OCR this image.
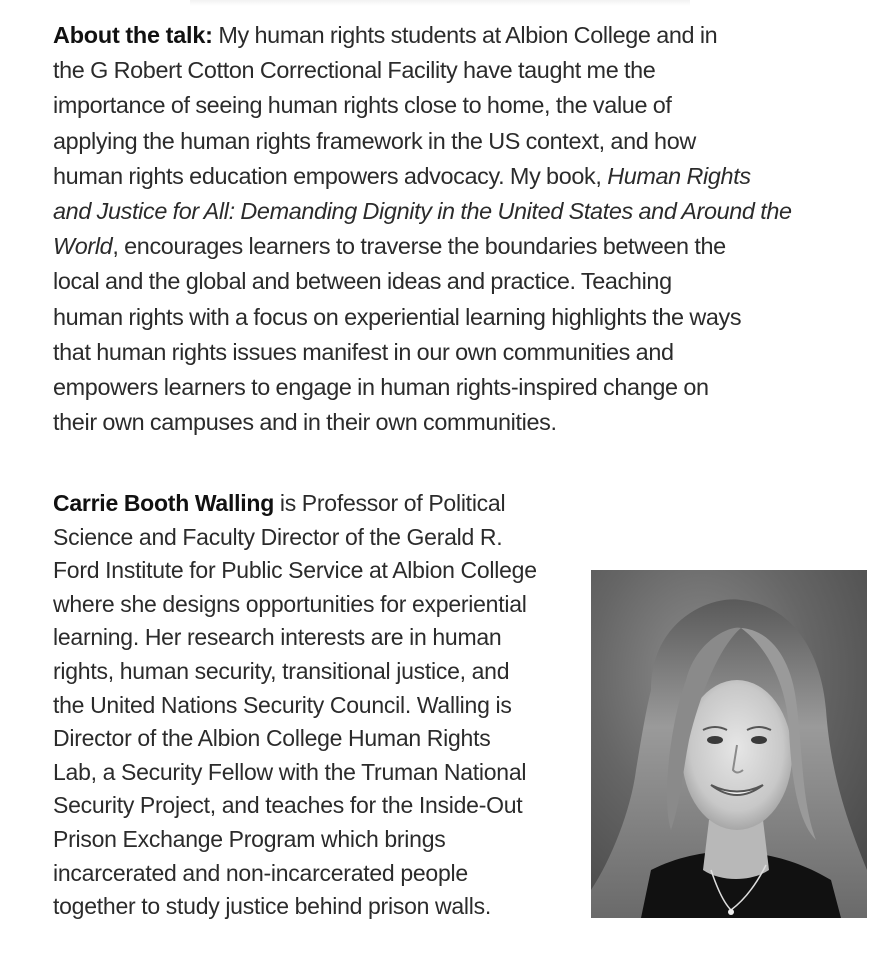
About the talk: My human rights students at Albion College and in
the G Robert Cotton Correctional Facility have taught me the
importance of seeing human rights close to home, the value of
applying the human rights framework in the US context, and how
human rights education empowers advocacy. My book, Human Rights
and Justice for All: Demanding Dignity in the United States and Around the
World, encourages learners to traverse the boundaries between the
local and the global and between ideas and practice. Teaching
human rights with a focus on experiential learning highlights the ways
that human rights issues manifest in our own communities and
empowers learners to engage in human rights-inspired change on
their own campuses and in their own communities.

Carrie Booth Walling is Professor of Political
Science and Faculty Director of the Gerald R.
Ford Institute for Public Service at Albion College
where she designs opportunities for experiential
learning. Her research interests are in human
rights, human security, transitional justice, and
the United Nations Security Council. Walling is
Director of the Albion College Human Rights
Lab, a Security Fellow with the Truman National
Security Project, and teaches for the Inside-Out
Prison Exchange Program which brings
incarcerated and non-incarcerated people
together to study justice behind prison walls.
